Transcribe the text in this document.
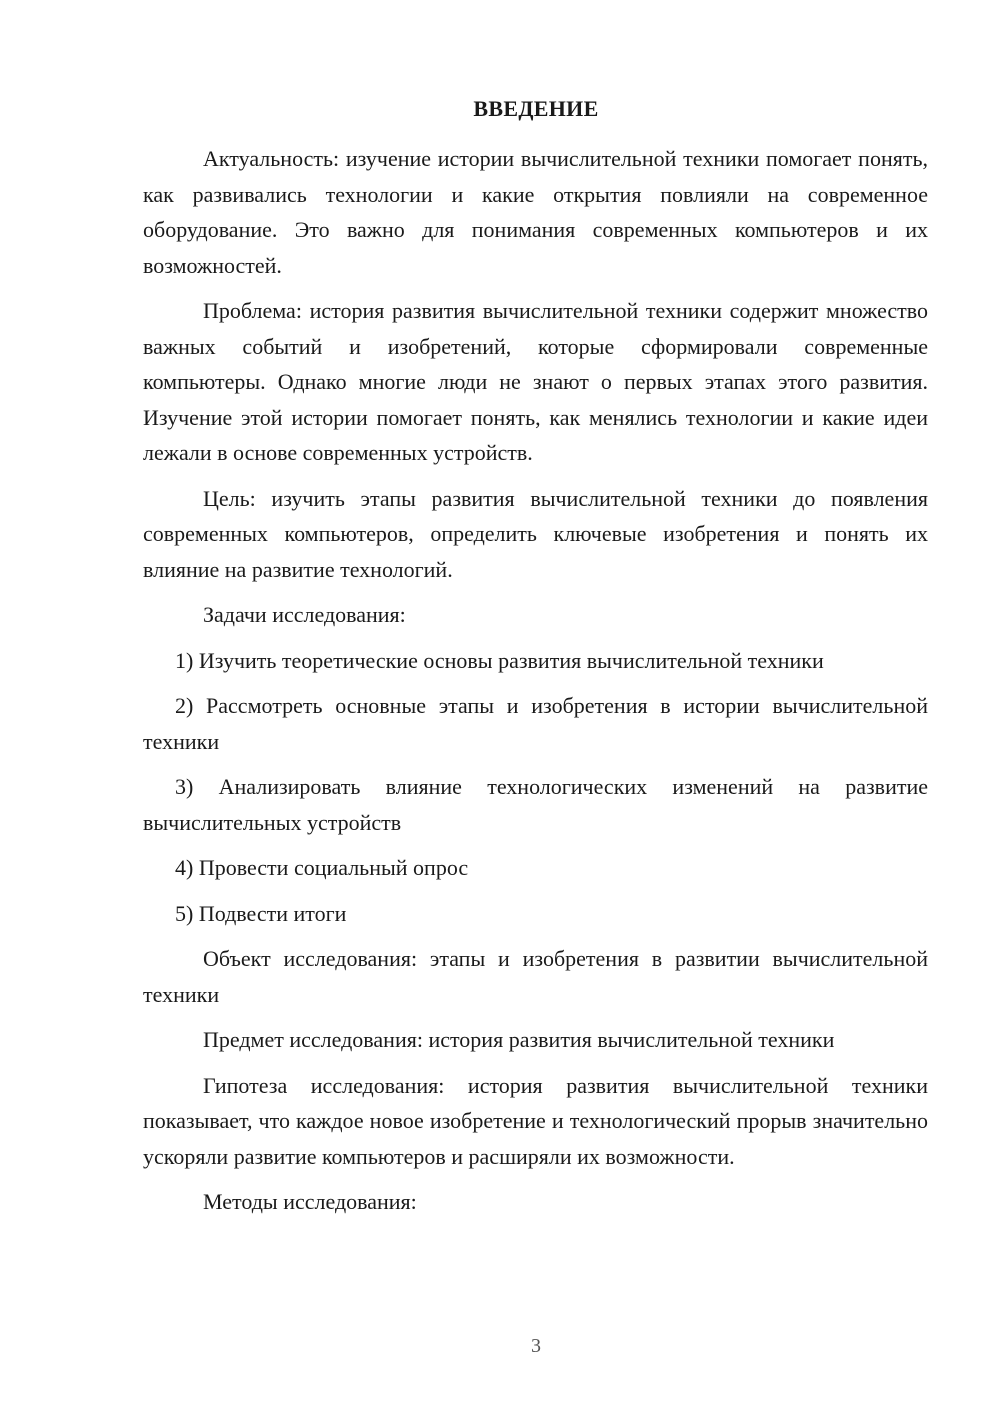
ВВЕДЕНИЕ

Актуальность: изучение истории вычислительной техники помогает понять, как развивались технологии и какие открытия повлияли на современное оборудование. Это важно для понимания современных компьютеров и их возможностей.

Проблема: история развития вычислительной техники содержит множество важных событий и изобретений, которые сформировали современные компьютеры. Однако многие люди не знают о первых этапах этого развития. Изучение этой истории помогает понять, как менялись технологии и какие идеи лежали в основе современных устройств.

Цель: изучить этапы развития вычислительной техники до появления современных компьютеров, определить ключевые изобретения и понять их влияние на развитие технологий.

Задачи исследования:

1) Изучить теоретические основы развития вычислительной техники

2) Рассмотреть основные этапы и изобретения в истории вычислительной техники

3) Анализировать влияние технологических изменений на развитие вычислительных устройств

4) Провести социальный опрос

5) Подвести итоги

Объект исследования: этапы и изобретения в развитии вычислительной техники

Предмет исследования: история развития вычислительной техники

Гипотеза исследования: история развития вычислительной техники показывает, что каждое новое изобретение и технологический прорыв значительно ускоряли развитие компьютеров и расширяли их возможности.

Методы исследования:

3
